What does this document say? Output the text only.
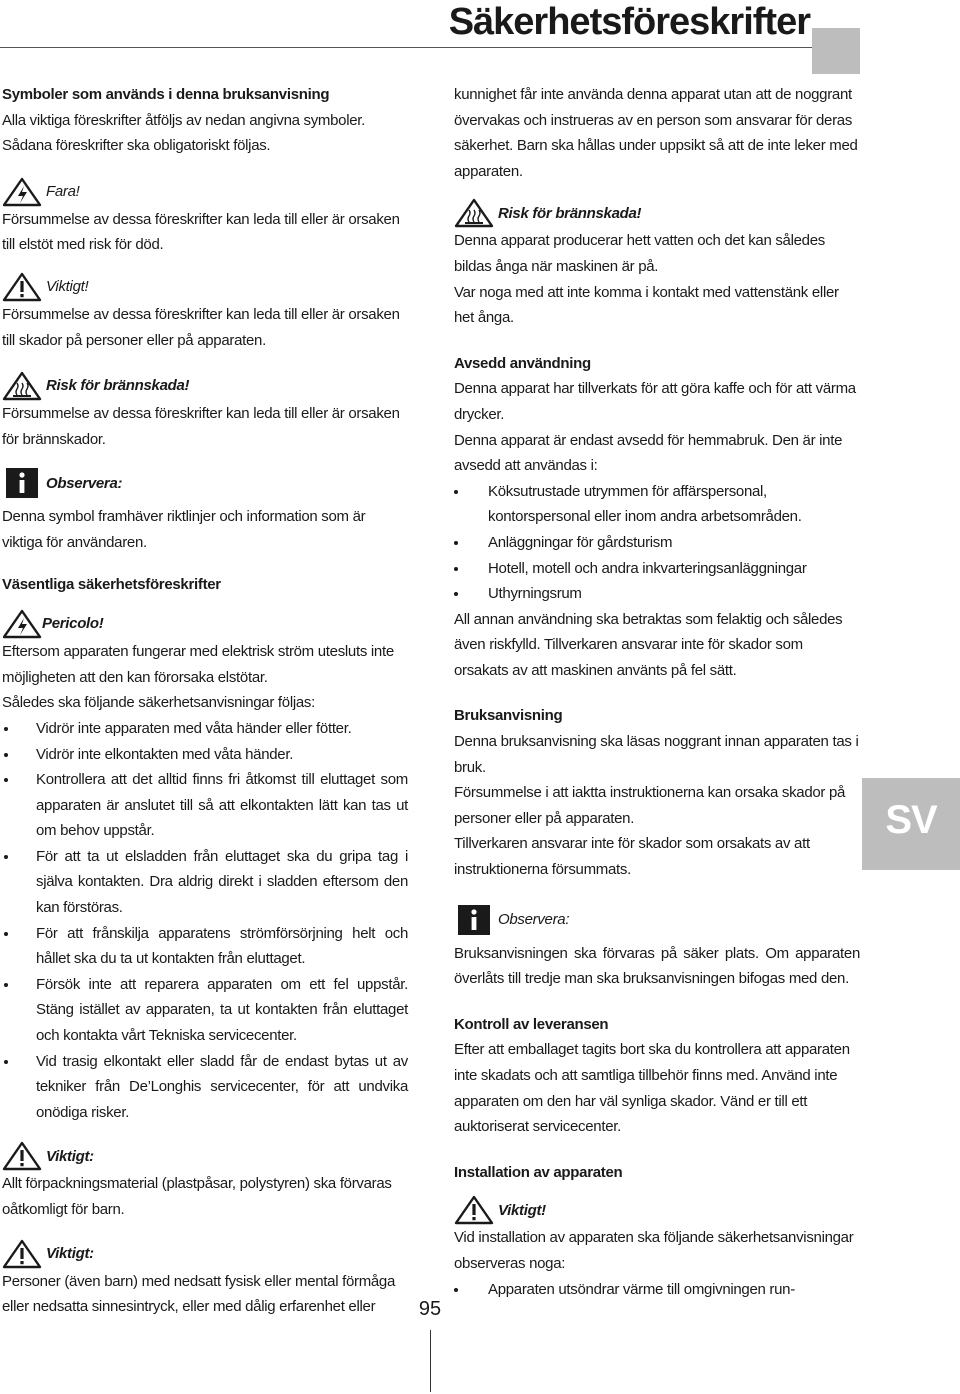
Säkerhetsföreskrifter

Symboler som används i denna bruksanvisning

Alla viktiga föreskrifter åtföljs av nedan angivna symboler.

Sådana föreskrifter ska obligatoriskt följas.

Fara!

Försummelse av dessa föreskrifter kan leda till eller är orsaken till elstöt med risk för död.

Viktigt!

Försummelse av dessa föreskrifter kan leda till eller är orsaken till skador på personer eller på apparaten.

Risk för brännskada!

Försummelse av dessa föreskrifter kan leda till eller är orsaken för brännskador.

Observera:

Denna symbol framhäver riktlinjer och information som är viktiga för användaren.

Väsentliga säkerhetsföreskrifter

Pericolo!

Eftersom apparaten fungerar med elektrisk ström utesluts inte möjligheten att den kan förorsaka elstötar.

Således ska följande säkerhetsanvisningar följas:

Vidrör inte apparaten med våta händer eller fötter.
Vidrör inte elkontakten med våta händer.
Kontrollera att det alltid finns fri åtkomst till eluttaget som apparaten är anslutet till så att elkontakten lätt kan tas ut om behov uppstår.
För att ta ut elsladden från eluttaget ska du gripa tag i själva kontakten. Dra aldrig direkt i sladden eftersom den kan förstöras.
För att frånskilja apparatens strömförsörjning helt och hållet ska du ta ut kontakten från eluttaget.
Försök inte att reparera apparaten om ett fel uppstår. Stäng istället av apparaten, ta ut kontakten från eluttaget och kontakta vårt Tekniska servicecenter.
Vid trasig elkontakt eller sladd får de endast bytas ut av tekniker från De’Longhis servicecenter, för att undvika onödiga risker.
Viktigt:

Allt förpackningsmaterial (plastpåsar, polystyren) ska förvaras oåtkomligt för barn.

Viktigt:

Personer (även barn) med nedsatt fysisk eller mental förmåga eller nedsatta sinnesintryck, eller med dålig erfarenhet eller

kunnighet får inte använda denna apparat utan att de noggrant övervakas och instrueras av en person som ansvarar för deras säkerhet. Barn ska hållas under uppsikt så att de inte leker med apparaten.

Risk för brännskada!

Denna apparat producerar hett vatten och det kan således bildas ånga när maskinen är på.

Var noga med att inte komma i kontakt med vattenstänk eller het ånga.

Avsedd användning

Denna apparat har tillverkats för att göra kaffe och för att värma drycker.

Denna apparat är endast avsedd för hemmabruk. Den är inte avsedd att användas i:

Köksutrustade utrymmen för affärspersonal, kontorspersonal eller inom andra arbetsområden.
Anläggningar för gårdsturism
Hotell, motell och andra inkvarteringsanläggningar
Uthyrningsrum

All annan användning ska betraktas som felaktig och således även riskfylld. Tillverkaren ansvarar inte för skador som orsakats av att maskinen använts på fel sätt.

Bruksanvisning

Denna bruksanvisning ska läsas noggrant innan apparaten tas i bruk.

Försummelse i att iaktta instruktionerna kan orsaka skador på personer eller på apparaten.

Tillverkaren ansvarar inte för skador som orsakats av att instruktionerna försummats.

Observera:

Bruksanvisningen ska förvaras på säker plats. Om apparaten överlåts till tredje man ska bruksanvisningen bifogas med den.

Kontroll av leveransen

Efter att emballaget tagits bort ska du kontrollera att apparaten inte skadats och att samtliga tillbehör finns med. Använd inte apparaten om den har väl synliga skador. Vänd er till ett auktoriserat servicecenter.

Installation av apparaten

Viktigt!

Vid installation av apparaten ska följande säkerhetsanvisningar observeras noga:

Apparaten utsöndrar värme till omgivningen run-
SV
95
